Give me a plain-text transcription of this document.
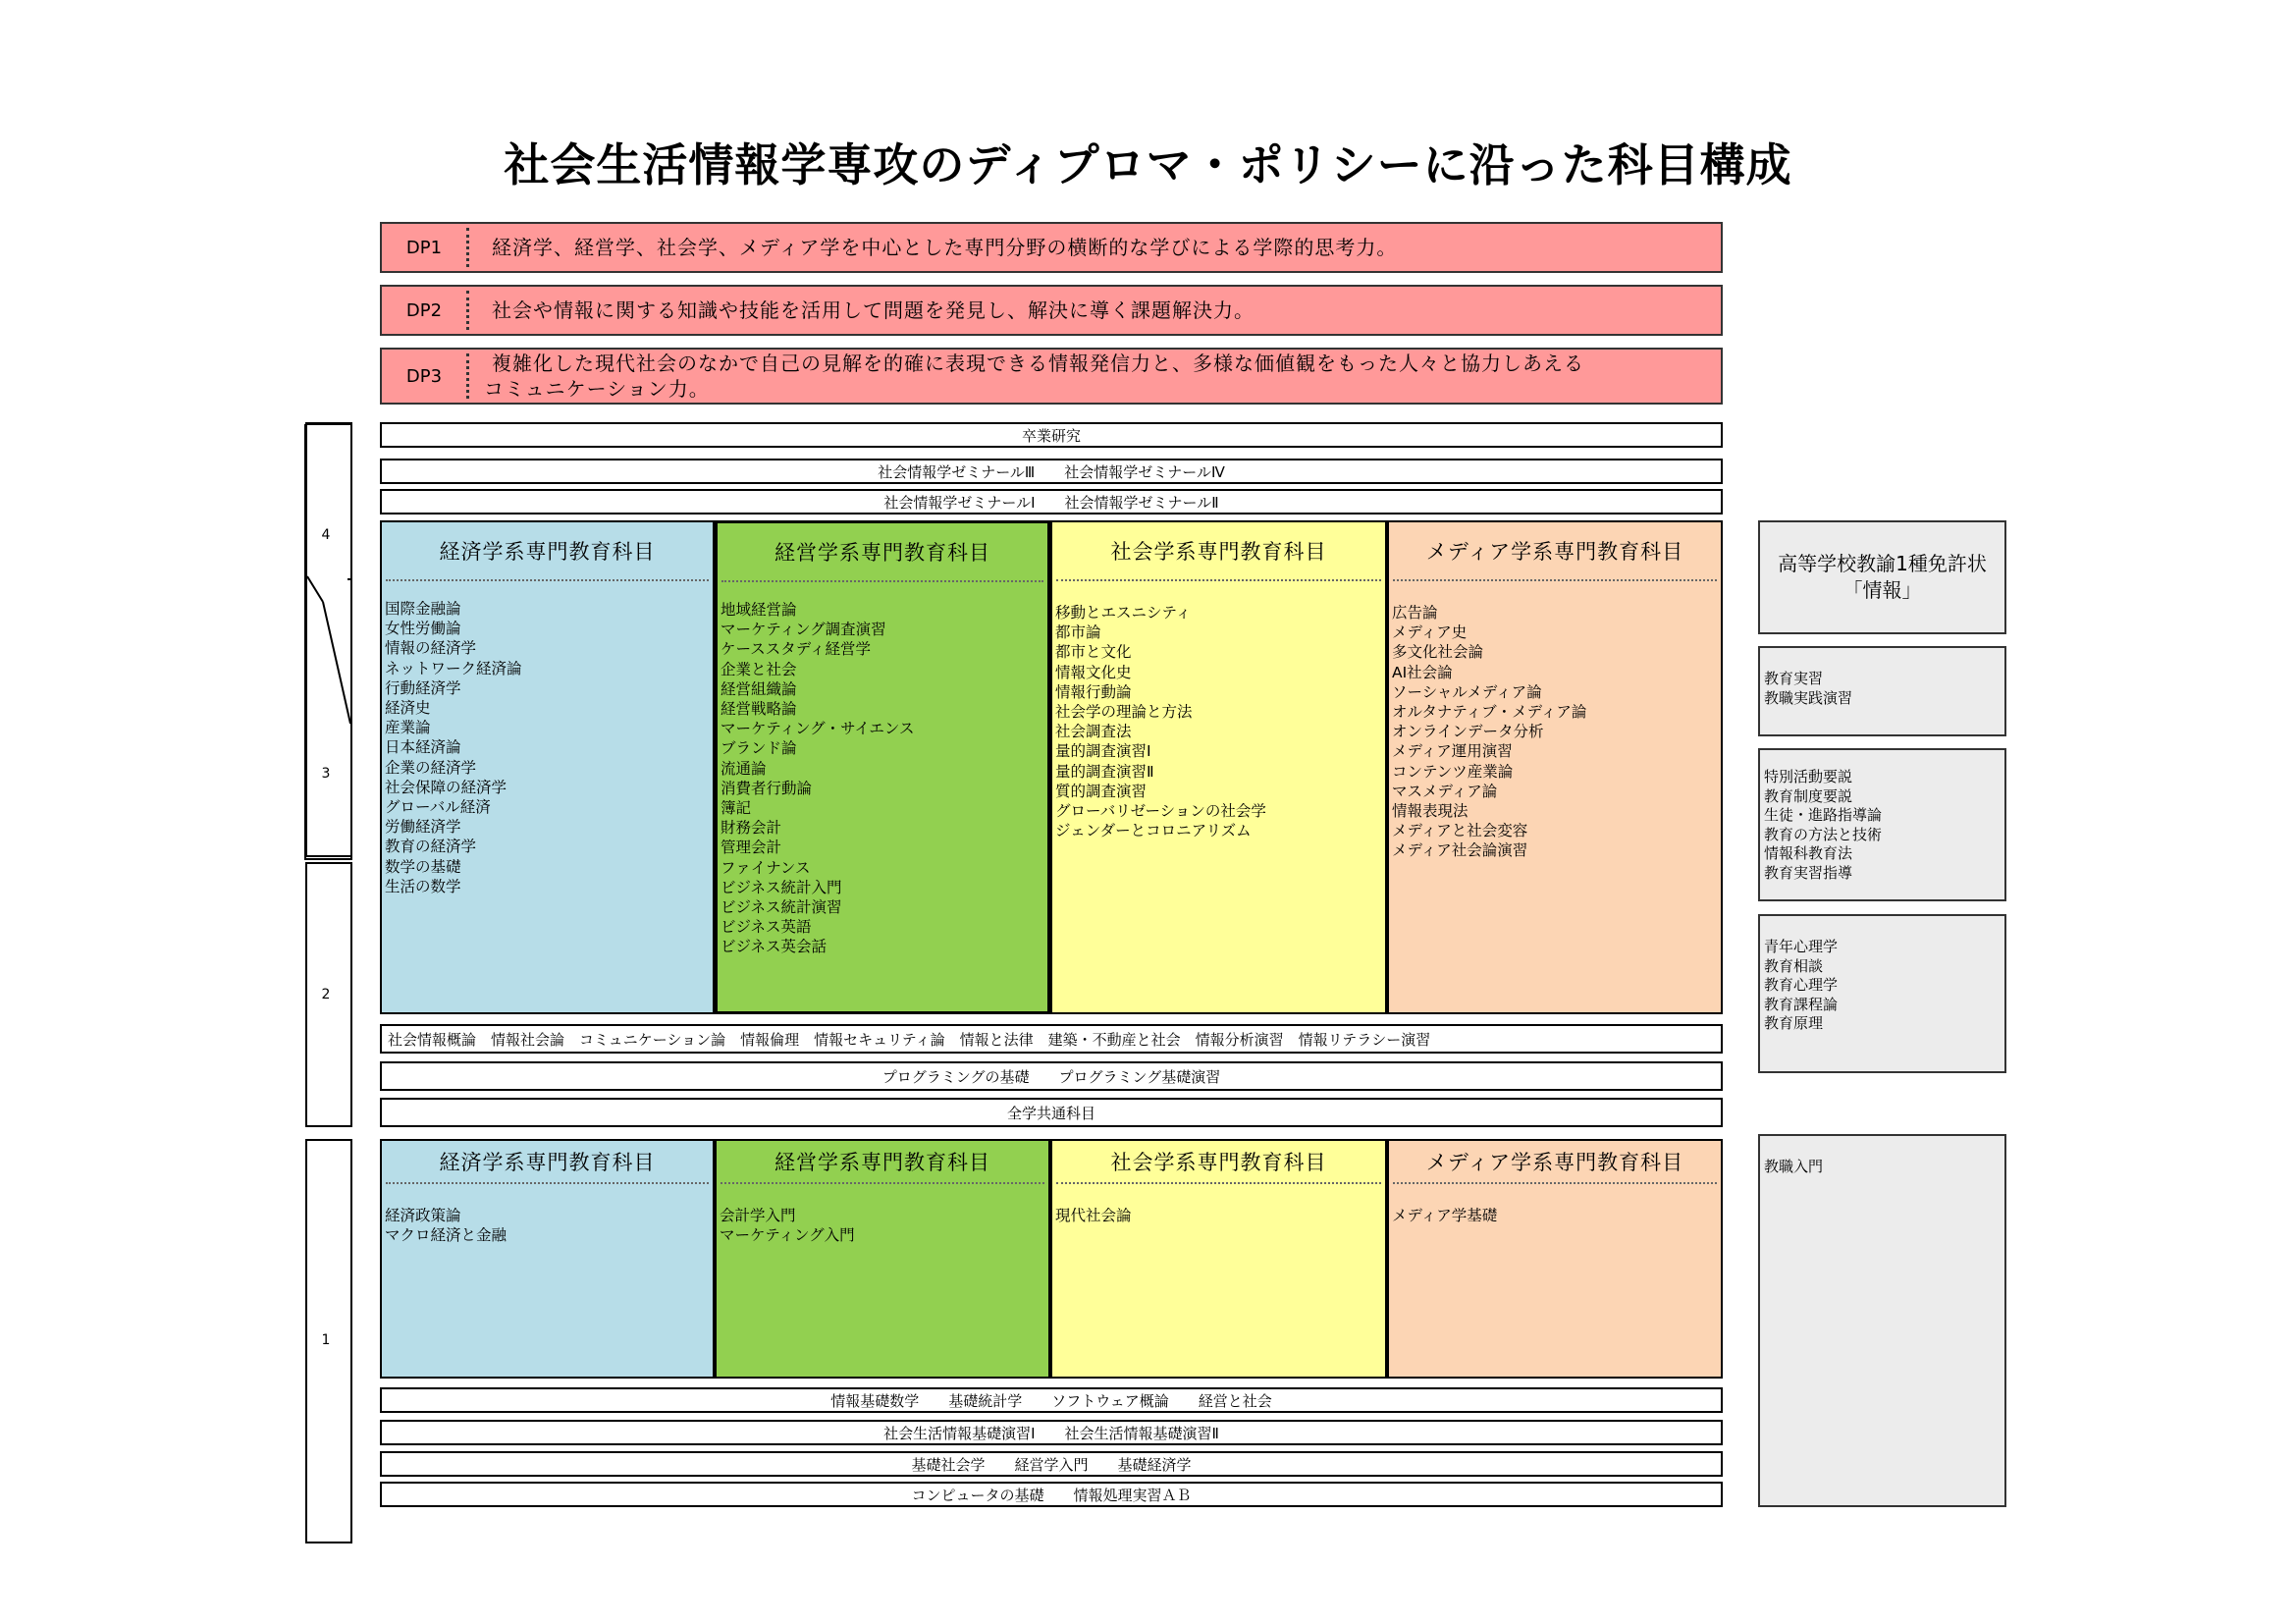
社会生活情報学専攻のディプロマ・ポリシーに沿った科目構成
DP1	経済学、経営学、社会学、メディア学を中心とした専門分野の横断的な学びによる学際的思考力。
DP2	社会や情報に関する知識や技能を活用して問題を発見し、解決に導く課題解決力。
DP3
複雑化した現代社会のなかで自己の見解を的確に表現できる情報発信力と、多様な価値観をもった人々と協力しあえる
コミュニケーション力。
4
3
2
1
卒業研究
社会情報学ゼミナールⅢ　　社会情報学ゼミナールⅣ
社会情報学ゼミナールⅠ　　社会情報学ゼミナールⅡ
経済学系専門教育科目
国際金融論
女性労働論
情報の経済学
ネットワーク経済論
行動経済学
経済史
産業論
日本経済論
企業の経済学
社会保障の経済学
グローバル経済
労働経済学
教育の経済学
数学の基礎
生活の数学
経営学系専門教育科目
地域経営論
マーケティング調査演習
ケーススタディ経営学
企業と社会
経営組織論
経営戦略論
マーケティング・サイエンス
ブランド論
流通論
消費者行動論
簿記
財務会計
管理会計
ファイナンス
ビジネス統計入門
ビジネス統計演習
ビジネス英語
ビジネス英会話
社会学系専門教育科目
移動とエスニシティ
都市論
都市と文化
情報文化史
情報行動論
社会学の理論と方法
社会調査法
量的調査演習Ⅰ
量的調査演習Ⅱ
質的調査演習
グローバリゼーションの社会学
ジェンダーとコロニアリズム
メディア学系専門教育科目
広告論
メディア史
多文化社会論
AI社会論
ソーシャルメディア論
オルタナティブ・メディア論
オンラインデータ分析
メディア運用演習
コンテンツ産業論
マスメディア論
情報表現法
メディアと社会変容
メディア社会論演習
社会情報概論　情報社会論　コミュニケーション論　情報倫理　情報セキュリティ論　情報と法律　建築・不動産と社会　情報分析演習　情報リテラシー演習
プログラミングの基礎　　プログラミング基礎演習
全学共通科目
経済学系専門教育科目
経済政策論
マクロ経済と金融
経営学系専門教育科目
会計学入門
マーケティング入門
社会学系専門教育科目
現代社会論
メディア学系専門教育科目
メディア学基礎
情報基礎数学　　基礎統計学　　ソフトウェア概論　　経営と社会
社会生活情報基礎演習Ⅰ　　社会生活情報基礎演習Ⅱ
基礎社会学　　経営学入門　　基礎経済学
コンピュータの基礎　　情報処理実習ＡＢ
高等学校教諭1種免許状
「情報」
教育実習
教職実践演習
特別活動要説
教育制度要説
生徒・進路指導論
教育の方法と技術
情報科教育法
教育実習指導
青年心理学
教育相談
教育心理学
教育課程論
教育原理
教職入門
